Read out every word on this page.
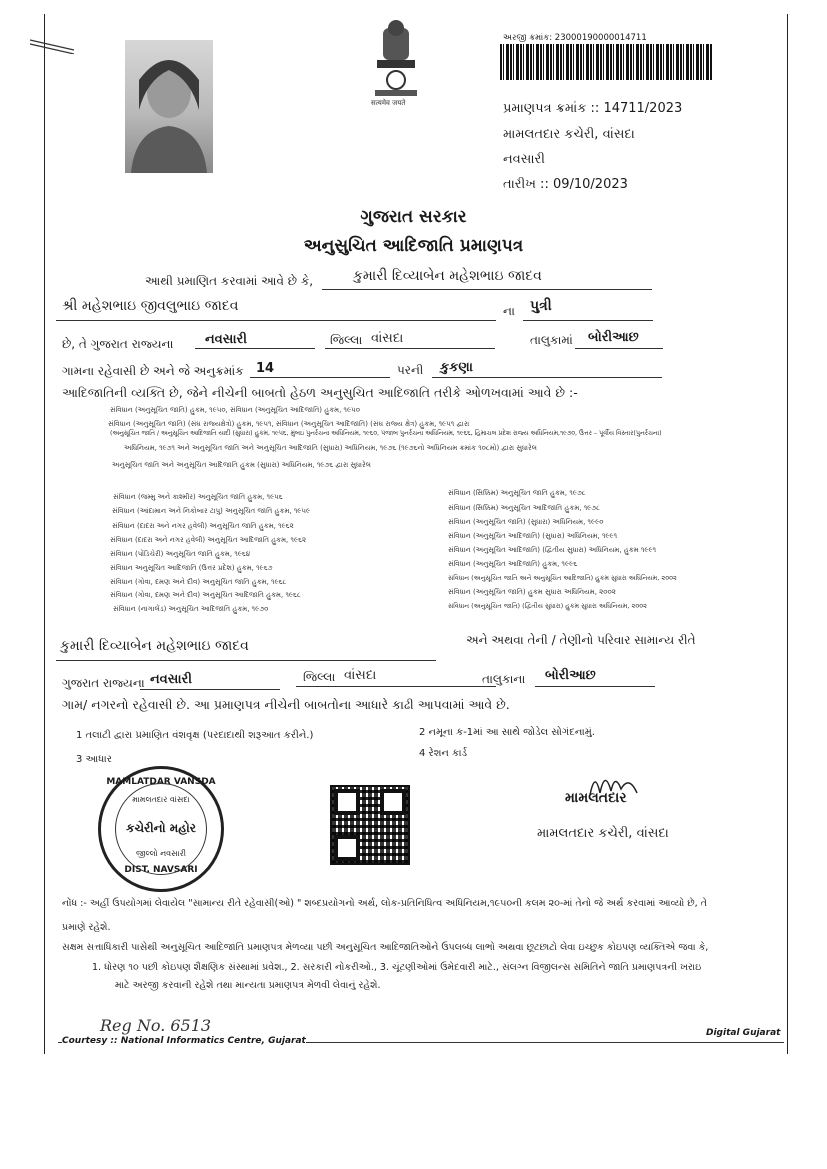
सत्यमेव जयते
અરજી ક્રમાંક: 23000190000014711
પ્રમાણપત્ર ક્રમાંક :: 14711/2023
મામલતદાર કચેરી, વાંસદા
નવસારી
તારીખ :: 09/10/2023
ગુજરાત સરકાર
અનુસુચિત આદિજાતિ પ્રમાણપત્ર
આથી પ્રમાણિત કરવામાં આવે છે કે,	કુમારી દિવ્યાબેન મહેશભાઇ જાદવ
શ્રી મહેશભાઇ જીવલુભાઇ જાદવ	ના પુત્રી
છે, તે ગુજરાત રાજ્યના નવસારી	જિલ્લા વાંસદા	તાલુકામાં બોરીઆછ
ગામના રહેવાસી છે અને જે અનુક્રમાંક 14	પરની કુકણા
આદિજાતિની વ્યક્તિ છે, જેને નીચેની બાબતો હેઠળ અનુસુચિત આદિજાતિ તરીકે ઓળખવામાં આવે છે :-
સંવિધાન (અનુસૂચિત જાતિ) હુકમ, ૧૯૫૦, સંવિધાન (અનુસૂચિત આદિજાતિ) હુકમ, ૧૯૫૦
સંવિધાન (અનુસૂચિત જાતિ) (સંઘ રાજ્યક્ષેત્રો) હુકમ, ૧૯૫૧, સંવિધાન (અનુસૂચિત આદિજાતિ) (સંઘ રાજ્ય ક્ષેત્ર) હુકમ, ૧૯૫૧ દ્વારા
(અનુસૂચિત જાતિ / અનુસૂચિત આદિજાતિ યાદી (સુધારા) હુકમ, ૧૯૫૬, મુંબઇ પુનર્રચના અધિનિયમ, ૧૯૬૦, પંજાબ પુનર્રચના અધિનિયમ, ૧૯૬૬, હિમાચલ પ્રદેશ રાજ્ય અધિનિયમ,૧૯૭૦, ઉત્તર – પૂર્વીય વિસ્તાર(પુનર્રચના)
અધિનિયમ, ૧૯૭૧ અને અનુસૂચિત જાતિ અને અનુસૂચિત આદિજાતિ (સુધારા) અધિનિયમ, ૧૯૭૬ (૧૯૭૬નો અધિનિયમ ક્રમાંક ૧૦૮મો) દ્વારા સુધારેલ
અનુસૂચિત જાતિ અને અનુસૂચિત આદિજાતિ હુકમ (સુધારા) અધિનિયમ, ૧૯૭૬ દ્વારા સુધારેલ
સંવિધાન (જમ્મુ અને કાશ્મીર) અનુસૂચિત જાતિ હુકમ, ૧૯૫૬
સંવિધાન (આંદામાન અને નિકોબાર ટાપુ) અનુસૂચિત જાતિ હુકમ, ૧૯૫૯
સંવિધાન (દાદરા અને નગર હવેલી) અનુસૂચિત જાતિ હુકમ, ૧૯૬૨
સંવિધાન (દાદરા અને નગર હવેલી) અનુસૂચિત આદિજાતિ હુકમ, ૧૯૬૨
સંવિધાન (પોંડિચેરી) અનુસૂચિત જાતિ હુકમ, ૧૯૬૪
સંવિધાન અનુસૂચિત આદિજાતિ (ઉત્તર પ્રદેશ) હુકમ, ૧૯૬૭
સંવિધાન (ગોવા, દમણ અને દીવ) અનુસૂચિત જાતિ હુકમ, ૧૯૬૮
સંવિધાન (ગોવા, દમણ અને દીવ) અનુસૂચિત આદિજાતિ હુકમ, ૧૯૬૮
સંવિધાન (નાગાલેંડ) અનુસૂચિત આદિજાતિ હુકમ, ૧૯૭૦
સંવિધાન (સિક્કિમ) અનુસૂચિત જાતિ હુકમ, ૧૯૭૮
સંવિધાન (સિક્કિમ) અનુસૂચિત આદિજાતિ હુકમ, ૧૯૭૮
સંવિધાન (અનુસૂચિત જાતિ) (સુધારા) અધિનિયમ, ૧૯૯૦
સંવિધાન (અનુસૂચિત આદિજાતિ) (સુધારા) અધિનિયમ, ૧૯૯૧
સંવિધાન (અનુસૂચિત આદિજાતિ) (દ્વિતીય સુધારા) અધિનિયમ, હુકમ ૧૯૯૧
સંવિધાન (અનુસૂચિત આદિજાતિ) હુકમ, ૧૯૯૬
સંવિધાન (અનુસૂચિત જાતિ અને અનુસૂચિત આદિજાતિ) હુકમ સુધારા અધિનિયમ, ૨૦૦૨
સંવિધાન (અનુસૂચિત જાતિ) હુકમ સુધારા અધિનિયમ, ૨૦૦૨
સંવિધાન (અનુસૂચિત જાતિ) (દ્વિતીય સુધારા) હુકમ સુધારા અધિનિયમ, ૨૦૦૨
કુમારી દિવ્યાબેન મહેશભાઇ જાદવ	અને અથવા તેની / તેણીનો પરિવાર સામાન્ય રીતે
ગુજરાત રાજ્યના નવસારી	જિલ્લા વાંસદા	તાલુકાના બોરીઆછ
ગામ/ નગરનો રહેવાસી છે. આ પ્રમાણપત્ર નીચેની બાબતોના આધારે કાઢી આપવામાં આવે છે.
1 તલાટી દ્વારા પ્રમાણિત વંશવૃક્ષ (પરદાદાથી શરૂઆત કરીને.)	2 નમૂના ક-1માં આ સાથે જોડેલ સોગંદનામું.
3 આધાર
4 રેશન કાર્ડ
MAMLATDAR VANSDA
મામલતદાર વાંસદા
કચેરીનો મહોર
જીલ્લો નવસારી
DIST. NAVSARI
મામલતદાર
મામલતદાર કચેરી, વાંસદા
નોંધ :- અહીં ઉપયોગમાં લેવાયેલ "સામાન્ય રીતે રહેવાસી(ઓ) " શબ્દપ્રયોગનો અર્થ, લોક-પ્રતિનિધિત્વ અધિનિયમ,૧૯૫૦ની કલમ ૨૦-માં તેનો જે અર્થ કરવામાં આવ્યો છે, તે
પ્રમાણે રહેશે.
સક્ષમ સત્તાધિકારી પાસેથી અનુસૂચિત આદિજાતિ પ્રમાણપત્ર મેળવ્યા પછી અનુસૂચિત આદિજાતિઓને ઉપલબ્ધ લાભો અથવા છૂટછાટો લેવા ઇચ્છુક કોઇપણ વ્યક્તિએ જવા કે,
1. ધોરણ ૧૦ પછી કોઇપણ શૈક્ષણિક સંસ્થામાં પ્રવેશ., 2. સરકારી નોકરીઓ., 3. ચૂંટણીઓમાં ઉમેદવારી માટે., સંલગ્ન વિજીલન્સ સમિતિને જાતિ પ્રમાણપત્રની ખરાઇ
માટે અરજી કરવાની રહેશે તથા માન્યતા પ્રમાણપત્ર મેળવી લેવાનું રહેશે.
Reg No. 6513
Courtesy :: National Informatics Centre, Gujarat
Digital Gujarat
